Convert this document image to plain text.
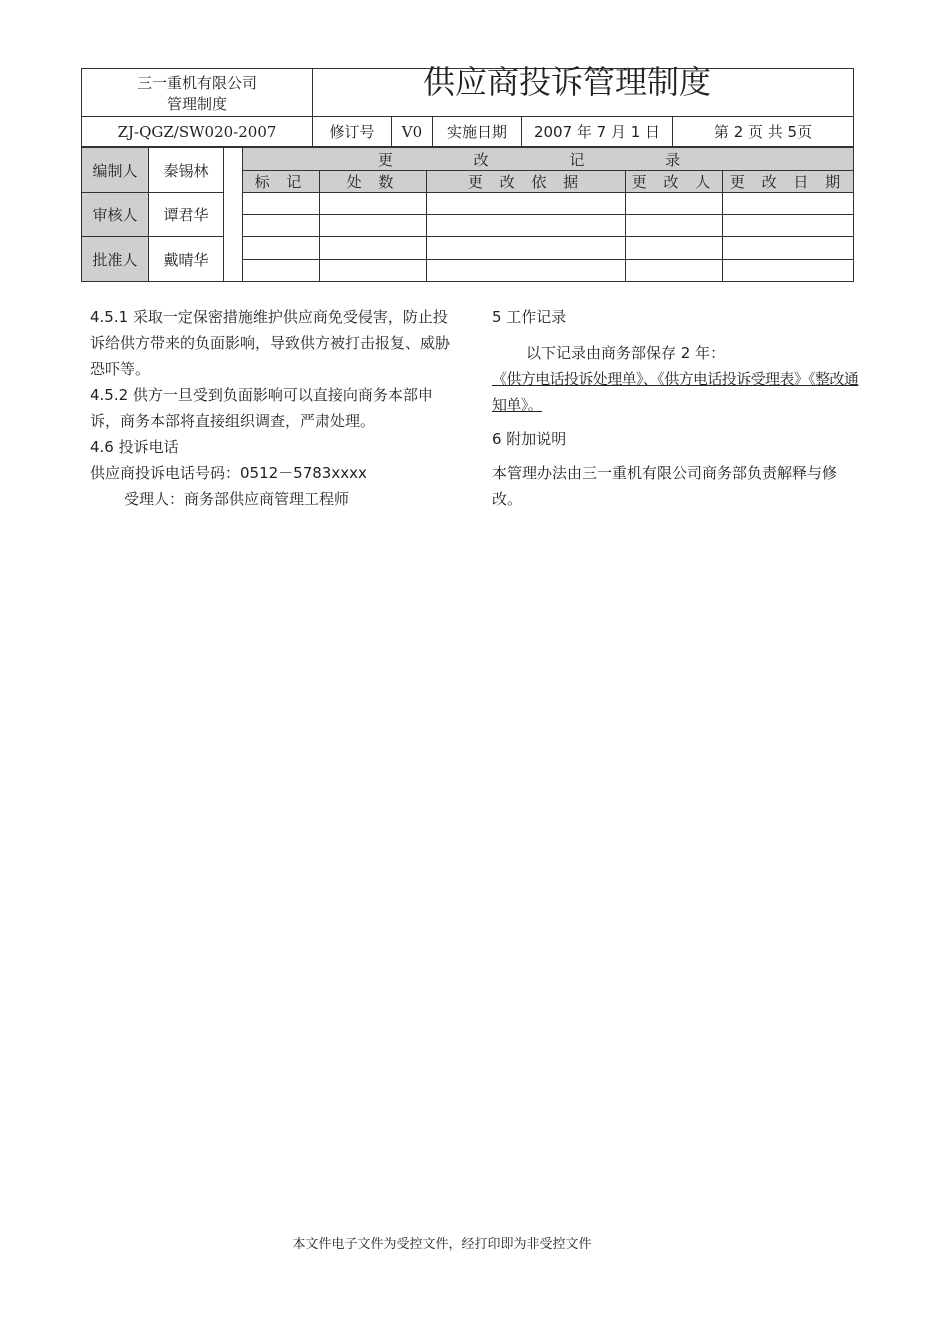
三一重机有限公司
管理制度	供应商投诉管理制度				
ZJ-QGZ/SW020-2007	修订号	V0	实施日期	2007 年 7 月 1 日	第 2 页 共 5页
编制人	秦锡林		更 改 记 录				
			标 记	处 数	更 改 依 据	更 改 人	更 改 日 期
审核人	谭君华						

批准人	戴晴华						

4.5.1 采取一定保密措施维护供应商免受侵害，防止投诉给供方带来的负面影响，导致供方被打击报复、威胁恐吓等。

4.5.2 供方一旦受到负面影响可以直接向商务本部申诉，商务本部将直接组织调查，严肃处理。

4.6 投诉电话

供应商投诉电话号码：0512－5783xxxx

受理人：商务部供应商管理工程师

5 工作记录

以下记录由商务部保存 2 年：

《供方电话投诉处理单》、《供方电话投诉受理表》《整改通知单》。

6 附加说明

本管理办法由三一重机有限公司商务部负责解释与修改。

本文件电子文件为受控文件，经打印即为非受控文件
